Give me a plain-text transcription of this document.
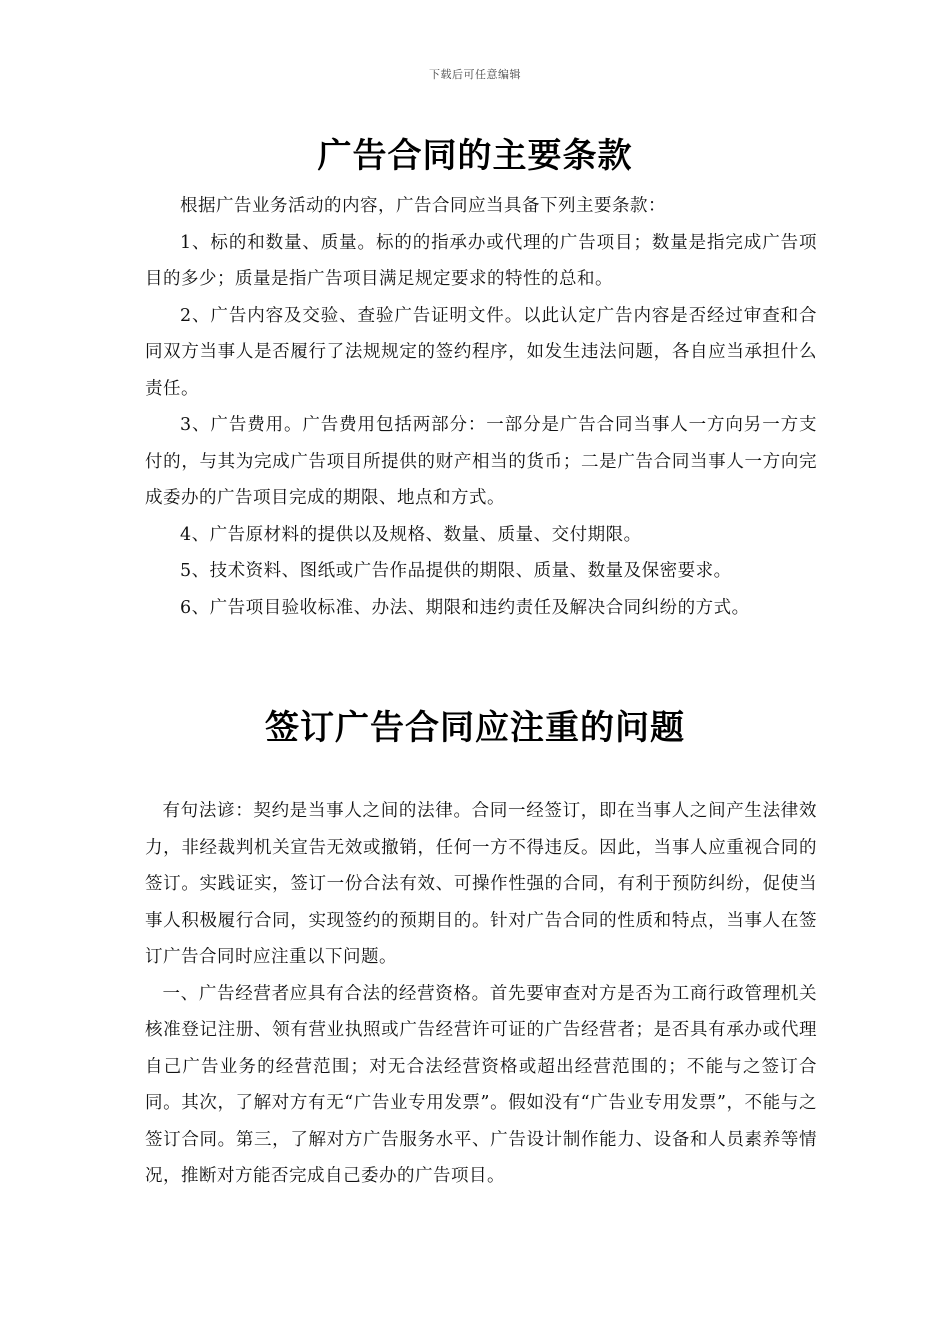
下载后可任意编辑
广告合同的主要条款

根据广告业务活动的内容，广告合同应当具备下列主要条款：

1、标的和数量、质量。标的的指承办或代理的广告项目；数量是指完成广告项目的多少；质量是指广告项目满足规定要求的特性的总和。

2、广告内容及交验、查验广告证明文件。以此认定广告内容是否经过审查和合同双方当事人是否履行了法规规定的签约程序，如发生违法问题，各自应当承担什么责任。

3、广告费用。广告费用包括两部分：一部分是广告合同当事人一方向另一方支付的，与其为完成广告项目所提供的财产相当的货币；二是广告合同当事人一方向完成委办的广告项目完成的期限、地点和方式。

4、广告原材料的提供以及规格、数量、质量、交付期限。

5、技术资料、图纸或广告作品提供的期限、质量、数量及保密要求。

6、广告项目验收标准、办法、期限和违约责任及解决合同纠纷的方式。

签订广告合同应注重的问题

有句法谚：契约是当事人之间的法律。合同一经签订，即在当事人之间产生法律效力，非经裁判机关宣告无效或撤销，任何一方不得违反。因此，当事人应重视合同的签订。实践证实，签订一份合法有效、可操作性强的合同，有利于预防纠纷，促使当事人积极履行合同，实现签约的预期目的。针对广告合同的性质和特点，当事人在签订广告合同时应注重以下问题。

一、广告经营者应具有合法的经营资格。首先要审查对方是否为工商行政管理机关核准登记注册、领有营业执照或广告经营许可证的广告经营者；是否具有承办或代理自己广告业务的经营范围；对无合法经营资格或超出经营范围的；不能与之签订合同。其次，了解对方有无“广告业专用发票”。假如没有“广告业专用发票”，不能与之签订合同。第三，了解对方广告服务水平、广告设计制作能力、设备和人员素养等情况，推断对方能否完成自己委办的广告项目。
